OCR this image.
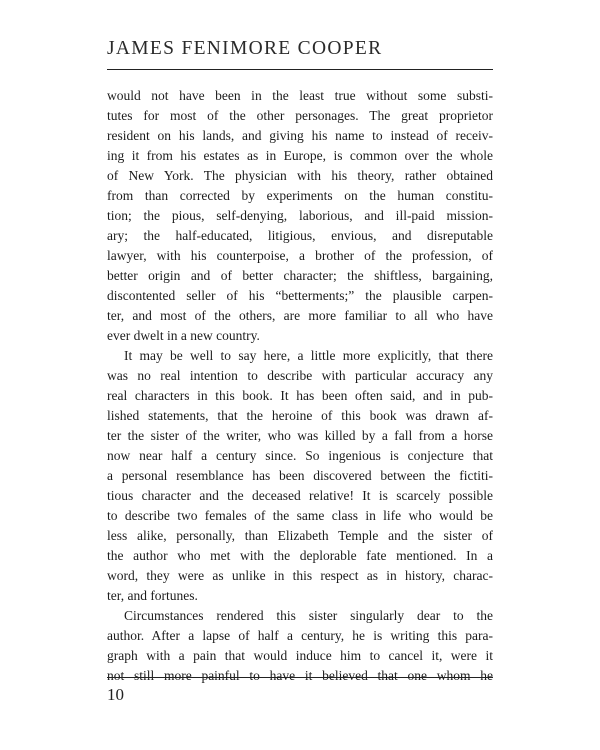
JAMES FENIMORE COOPER
would not have been in the least true without some substi-
tutes for most of the other personages. The great proprietor
resident on his lands, and giving his name to instead of receiv-
ing it from his estates as in Europe, is common over the whole
of New York. The physician with his theory, rather obtained
from than corrected by experiments on the human constitu-
tion; the pious, self-denying, laborious, and ill-paid mission-
ary; the half-educated, litigious, envious, and disreputable
lawyer, with his counterpoise, a brother of the profession, of
better origin and of better character; the shiftless, bargaining,
discontented seller of his “betterments;” the plausible carpen-
ter, and most of the others, are more familiar to all who have
ever dwelt in a new country.
It may be well to say here, a little more explicitly, that there
was no real intention to describe with particular accuracy any
real characters in this book. It has been often said, and in pub-
lished statements, that the heroine of this book was drawn af-
ter the sister of the writer, who was killed by a fall from a horse
now near half a century since. So ingenious is conjecture that
a personal resemblance has been discovered between the fictiti-
tious character and the deceased relative! It is scarcely possible
to describe two females of the same class in life who would be
less alike, personally, than Elizabeth Temple and the sister of
the author who met with the deplorable fate mentioned. In a
word, they were as unlike in this respect as in history, charac-
ter, and fortunes.
Circumstances rendered this sister singularly dear to the
author. After a lapse of half a century, he is writing this para-
graph with a pain that would induce him to cancel it, were it
not still more painful to have it believed that one whom he
10
